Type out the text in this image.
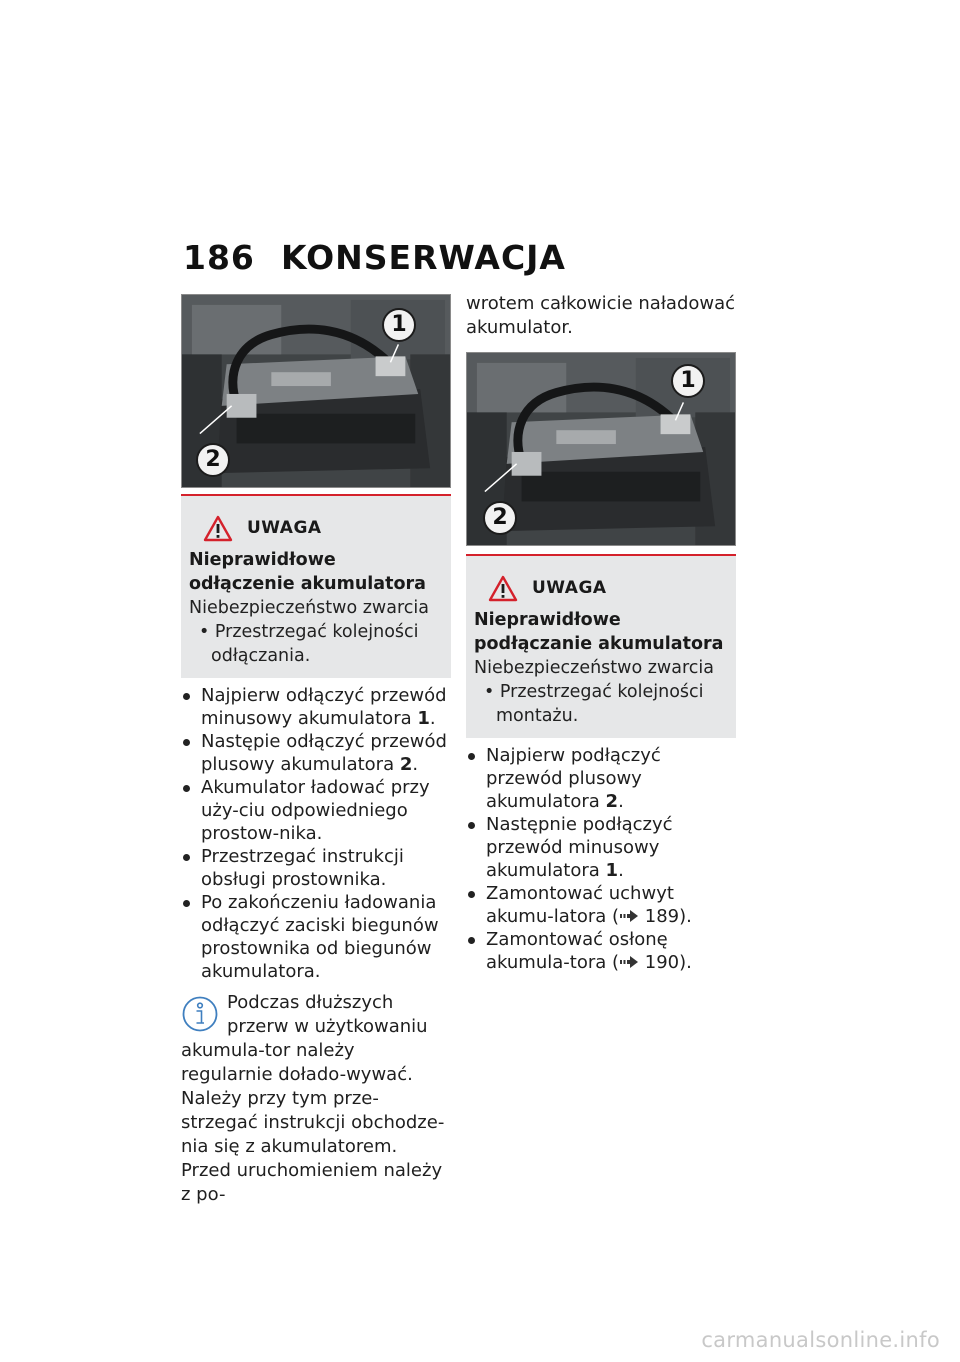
186 KONSERWACJA
1
2
UWAGA
Nieprawidłowe odłączenie akumulatora
Niebezpieczeństwo zwarcia
• Przestrzegać kolejności odłączania.
Najpierw odłączyć przewód minusowy akumulatora 1.
Następie odłączyć przewód plusowy akumulatora 2.
Akumulator ładować przy uży-ciu odpowiedniego prostow-nika.
Przestrzegać instrukcji obsługi prostownika.
Po zakończeniu ładowania odłączyć zaciski biegunów prostownika od biegunów akumulatora.
Podczas dłuższych przerw w użytkowaniu akumula-tor należy regularnie dołado-wywać. Należy przy tym prze-strzegać instrukcji obchodze-nia się z akumulatorem. Przed uruchomieniem należy z po-

wrotem całkowicie naładować akumulator.

1
2
UWAGA
Nieprawidłowe podłączanie akumulatora
Niebezpieczeństwo zwarcia
• Przestrzegać kolejności montażu.
Najpierw podłączyć przewód plusowy akumulatora 2.
Następnie podłączyć przewód minusowy akumulatora 1.
Zamontować uchwyt akumu-latora ( 189).
Zamontować osłonę akumula-tora ( 190).
carmanualsonline.info
